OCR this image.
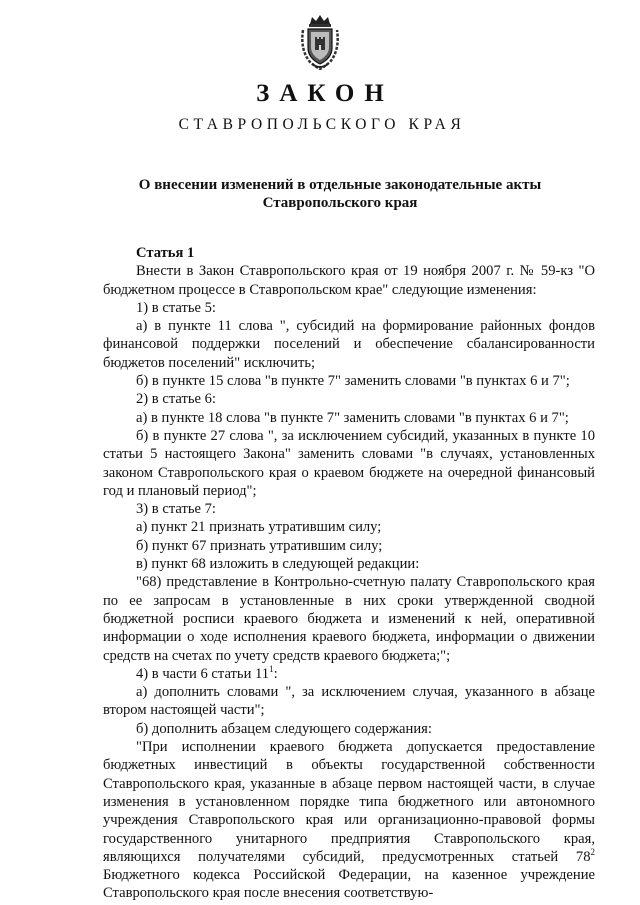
ЗАКОН
СТАВРОПОЛЬСКОГО КРАЯ
О внесении изменений в отдельные законодательные акты
Ставропольского края

Статья 1

Внести в Закон Ставропольского края от 19 ноября 2007 г. № 59-кз "О бюджетном процессе в Ставропольском крае" следующие изменения:

1) в статье 5:

а) в пункте 11 слова ", субсидий на формирование районных фондов финансовой поддержки поселений и обеспечение сбалансированности бюджетов поселений" исключить;

б) в пункте 15 слова "в пункте 7" заменить словами "в пунктах 6 и 7";

2) в статье 6:

а) в пункте 18 слова "в пункте 7" заменить словами "в пунктах 6 и 7";

б) в пункте 27 слова ", за исключением субсидий, указанных в пункте 10 статьи 5 настоящего Закона" заменить словами "в случаях, установленных законом Ставропольского края о краевом бюджете на очередной финансовый год и плановый период";

3) в статье 7:

а) пункт 21 признать утратившим силу;

б) пункт 67 признать утратившим силу;

в) пункт 68 изложить в следующей редакции:

"68) представление в Контрольно-счетную палату Ставропольского края по ее запросам в установленные в них сроки утвержденной сводной бюджетной росписи краевого бюджета и изменений к ней, оперативной информации о ходе исполнения краевого бюджета, информации о движении средств на счетах по учету средств краевого бюджета;";

4) в части 6 статьи $11^1$:

а) дополнить словами ", за исключением случая, указанного в абзаце втором настоящей части";

б) дополнить абзацем следующего содержания:

"При исполнении краевого бюджета допускается предоставление бюджетных инвестиций в объекты государственной собственности Ставропольского края, указанные в абзаце первом настоящей части, в случае изменения в установленном порядке типа бюджетного или автономного учреждения Ставропольского края или организационно-правовой формы государственного унитарного предприятия Ставропольского края, являющихся получателями субсидий, предусмотренных статьей $78^2$ Бюджетного кодекса Российской Федерации, на казенное учреждение Ставропольского края после внесения соответствую-
